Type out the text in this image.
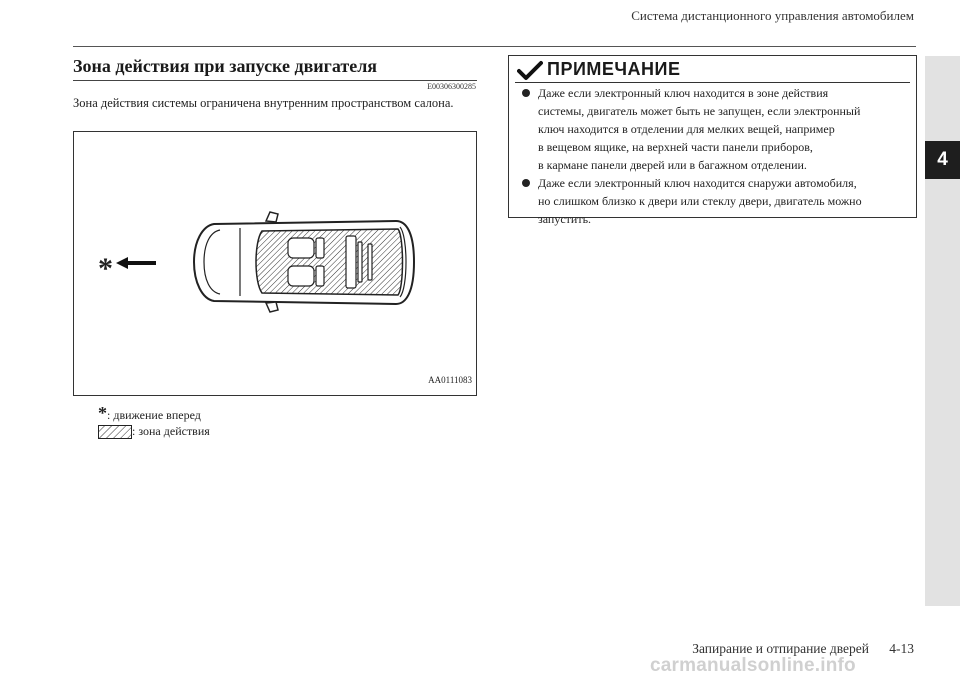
Система дистанционного управления автомобилем
4
Зона действия при запуске двигателя
E00306300285
Зона действия системы ограничена внутренним пространством салона.
*
AA0111083
*: движение вперед
: зона действия
ПРИМЕЧАНИЕ
Даже если электронный ключ находится в зоне действия
системы, двигатель может быть не запущен, если электронный
ключ находится в отделении для мелких вещей, например
в вещевом ящике, на верхней части панели приборов,
в кармане панели дверей или в багажном отделении.
Даже если электронный ключ находится снаружи автомобиля,
но слишком близко к двери или стеклу двери, двигатель можно
запустить.
Запирание и отпирание дверей      4-13
carmanualsonline.info
